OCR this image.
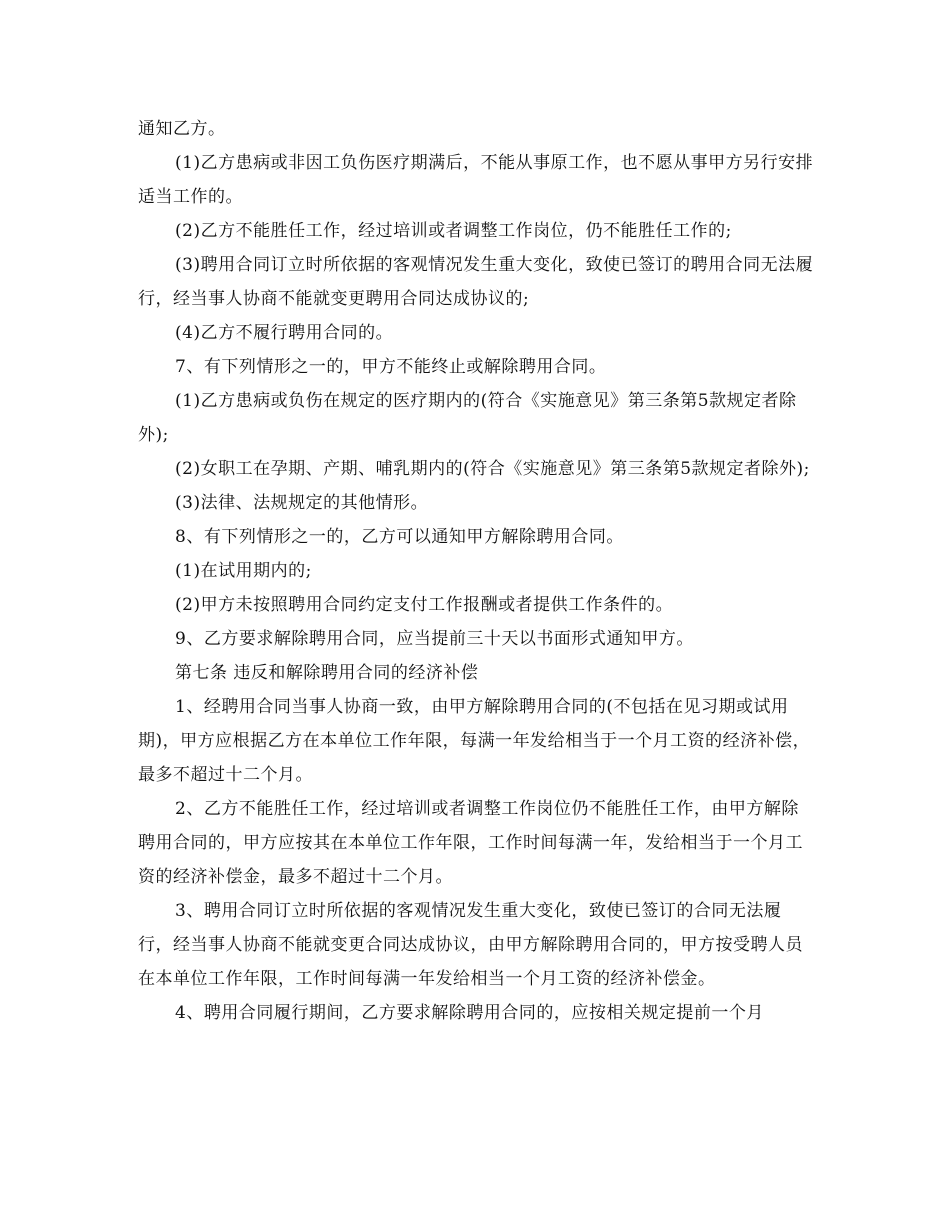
通知乙方。

(1)乙方患病或非因工负伤医疗期满后，不能从事原工作，也不愿从事甲方另行安排适当工作的。

(2)乙方不能胜任工作，经过培训或者调整工作岗位，仍不能胜任工作的;

(3)聘用合同订立时所依据的客观情况发生重大变化，致使已签订的聘用合同无法履行，经当事人协商不能就变更聘用合同达成协议的;

(4)乙方不履行聘用合同的。

7、有下列情形之一的，甲方不能终止或解除聘用合同。

(1)乙方患病或负伤在规定的医疗期内的(符合《实施意见》第三条第5款规定者除外);

(2)女职工在孕期、产期、哺乳期内的(符合《实施意见》第三条第5款规定者除外);

(3)法律、法规规定的其他情形。

8、有下列情形之一的，乙方可以通知甲方解除聘用合同。

(1)在试用期内的;

(2)甲方未按照聘用合同约定支付工作报酬或者提供工作条件的。

9、乙方要求解除聘用合同，应当提前三十天以书面形式通知甲方。

第七条 违反和解除聘用合同的经济补偿

1、经聘用合同当事人协商一致，由甲方解除聘用合同的(不包括在见习期或试用期)，甲方应根据乙方在本单位工作年限，每满一年发给相当于一个月工资的经济补偿，最多不超过十二个月。

2、乙方不能胜任工作，经过培训或者调整工作岗位仍不能胜任工作，由甲方解除聘用合同的，甲方应按其在本单位工作年限，工作时间每满一年，发给相当于一个月工资的经济补偿金，最多不超过十二个月。

3、聘用合同订立时所依据的客观情况发生重大变化，致使已签订的合同无法履行，经当事人协商不能就变更合同达成协议，由甲方解除聘用合同的，甲方按受聘人员在本单位工作年限，工作时间每满一年发给相当一个月工资的经济补偿金。

4、聘用合同履行期间，乙方要求解除聘用合同的，应按相关规定提前一个月
